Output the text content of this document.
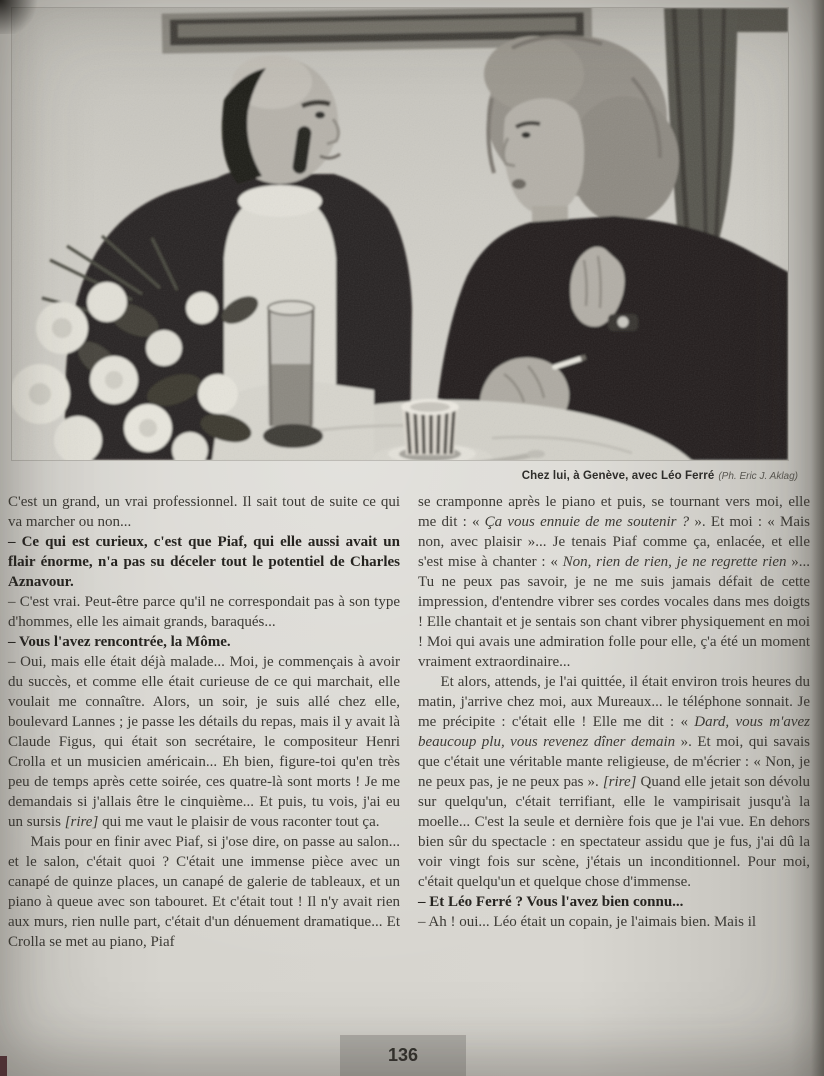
Chez lui, à Genève, avec Léo Ferré (Ph. Eric J. Aklag)

C'est un grand, un vrai professionnel. Il sait tout de suite ce qui va marcher ou non...

– Ce qui est curieux, c'est que Piaf, qui elle aussi avait un flair énorme, n'a pas su déceler tout le potentiel de Charles Aznavour.

– C'est vrai. Peut-être parce qu'il ne correspondait pas à son type d'hommes, elle les aimait grands, baraqués...

– Vous l'avez rencontrée, la Môme.

– Oui, mais elle était déjà malade... Moi, je commençais à avoir du succès, et comme elle était curieuse de ce qui marchait, elle voulait me connaître. Alors, un soir, je suis allé chez elle, boulevard Lannes ; je passe les détails du repas, mais il y avait là Claude Figus, qui était son secrétaire, le compositeur Henri Crolla et un musicien américain... Eh bien, figure-toi qu'en très peu de temps après cette soirée, ces quatre-là sont morts ! Je me demandais si j'allais être le cinquième... Et puis, tu vois, j'ai eu un sursis [rire] qui me vaut le plaisir de vous raconter tout ça.

Mais pour en finir avec Piaf, si j'ose dire, on passe au salon... et le salon, c'était quoi ? C'était une immense pièce avec un canapé de quinze places, un canapé de galerie de tableaux, et un piano à queue avec son tabouret. Et c'était tout ! Il n'y avait rien aux murs, rien nulle part, c'était d'un dénuement dramatique... Et Crolla se met au piano, Piaf

se cramponne après le piano et puis, se tournant vers moi, elle me dit : « Ça vous ennuie de me soutenir ? ». Et moi : « Mais non, avec plaisir »... Je tenais Piaf comme ça, enlacée, et elle s'est mise à chanter : « Non, rien de rien, je ne regrette rien »... Tu ne peux pas savoir, je ne me suis jamais défait de cette impression, d'entendre vibrer ses cordes vocales dans mes doigts ! Elle chantait et je sentais son chant vibrer physiquement en moi ! Moi qui avais une admiration folle pour elle, ç'a été un moment vraiment extraordinaire...

Et alors, attends, je l'ai quittée, il était environ trois heures du matin, j'arrive chez moi, aux Mureaux... le téléphone sonnait. Je me précipite : c'était elle ! Elle me dit : « Dard, vous m'avez beaucoup plu, vous revenez dîner demain ». Et moi, qui savais que c'était une véritable mante religieuse, de m'écrier : « Non, je ne peux pas, je ne peux pas ». [rire] Quand elle jetait son dévolu sur quelqu'un, c'était terrifiant, elle le vampirisait jusqu'à la moelle... C'est la seule et dernière fois que je l'ai vue. En dehors bien sûr du spectacle : en spectateur assidu que je fus, j'ai dû la voir vingt fois sur scène, j'étais un inconditionnel. Pour moi, c'était quelqu'un et quelque chose d'immense.

– Et Léo Ferré ? Vous l'avez bien connu...

– Ah ! oui... Léo était un copain, je l'aimais bien. Mais il

136
